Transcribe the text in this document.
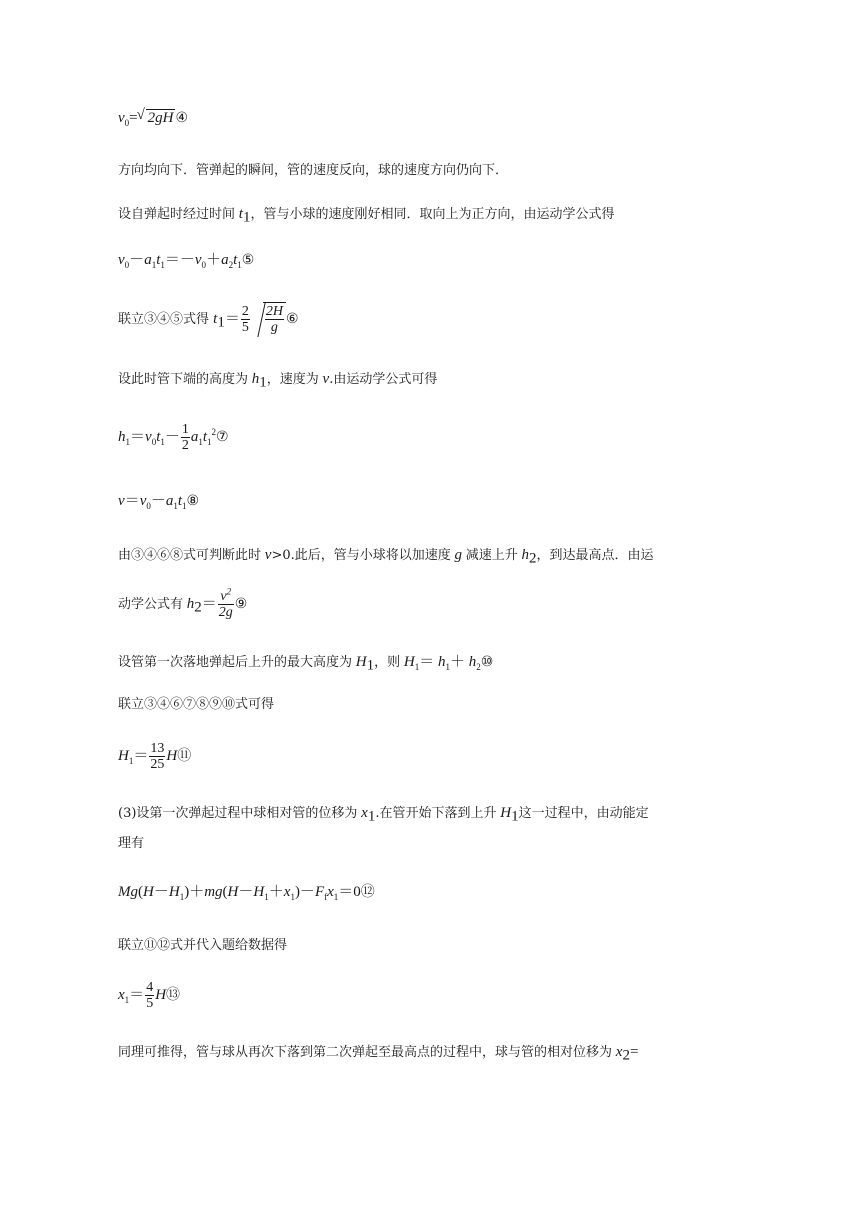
$v_0=√$ 2gH ④
方向均向下．管弹起的瞬间，管的速度反向，球的速度方向仍向下．
设自弹起时经过时间 $t_1$，管与小球的速度刚好相同．取向上为正方向，由运动学公式得
$v_0-a_1t_1=-v_0+a_2t_1⑤$
联立③④⑤式得 $t_1= \frac{2}{5} \frac{2H}{g}$ ⑥
设此时管下端的高度为 $h_1$，速度为 v.由运动学公式可得
$h_1=v_0t_1- \frac{1}{2}$ $a_1t_1^2⑦$
$v=v_0-a_1t_1⑧$
由③④⑥⑧式可判断此时 v>0.此后，管与小球将以加速度 g 减速上升 $h_2$，到达最高点．由运
动学公式有 $h_2= \frac{v^2}{2g}$ ⑨
设管第一次落地弹起后上升的最大高度为 $H_1$，则 $H_1= h_1+$ $h_2⑩$
联立③④⑥⑦⑧⑨⑩式可得
$H_1= \frac{13}{25}$ H⑪
(3)设第一次弹起过程中球相对管的位移为 $x_1$.在管开始下落到上升 $H_1$这一过程中，由动能定
理有
$Mg(H-H_1)+mg(H-H_1+x_1)-F_fx_1=0⑫$
联立⑪⑫式并代入题给数据得
$x_1= \frac{4}{5}$ H⑬
同理可推得，管与球从再次下落到第二次弹起至最高点的过程中，球与管的相对位移为 $x_2=$
